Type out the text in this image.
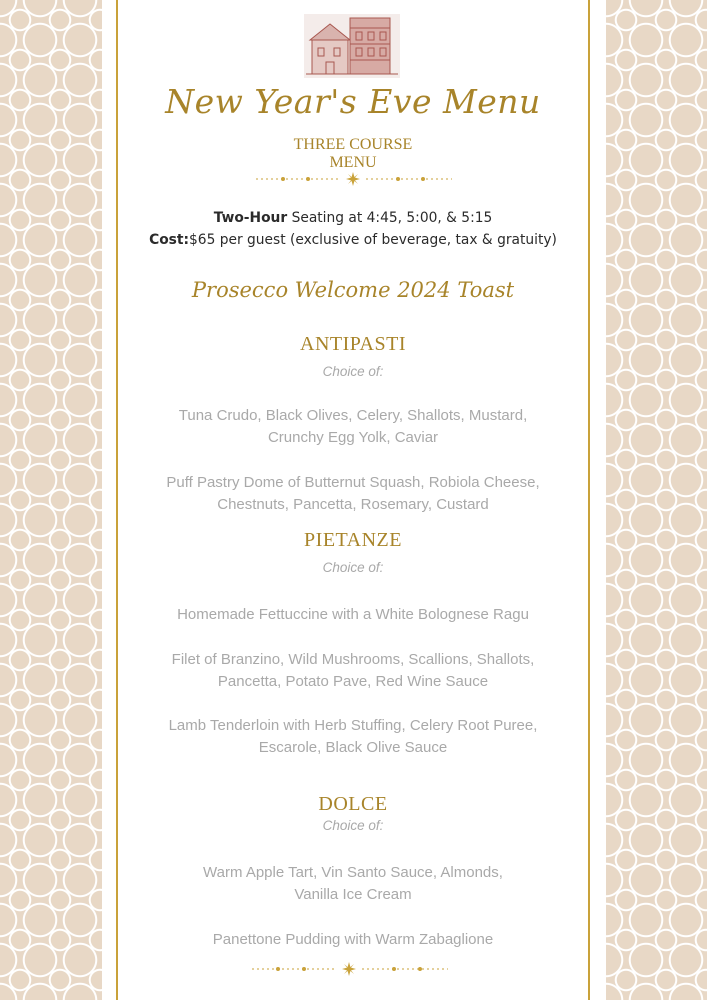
New Year's Eve Menu
THREE COURSE
MENU
Two-Hour Seating at 4:45, 5:00, & 5:15
Cost:$65 per guest (exclusive of beverage, tax & gratuity)
Prosecco Welcome 2024 Toast
ANTIPASTI
Choice of:
Tuna Crudo, Black Olives, Celery, Shallots, Mustard,
Crunchy Egg Yolk, Caviar
Puff Pastry Dome of Butternut Squash, Robiola Cheese,
Chestnuts, Pancetta, Rosemary, Custard
PIETANZE
Choice of:
Homemade Fettuccine with a White Bolognese Ragu
Filet of Branzino, Wild Mushrooms, Scallions, Shallots,
Pancetta, Potato Pave, Red Wine Sauce
Lamb Tenderloin with Herb Stuffing, Celery Root Puree,
Escarole, Black Olive Sauce
DOLCE
Choice of:
Warm Apple Tart, Vin Santo Sauce, Almonds,
Vanilla Ice Cream
Panettone Pudding with Warm Zabaglione
